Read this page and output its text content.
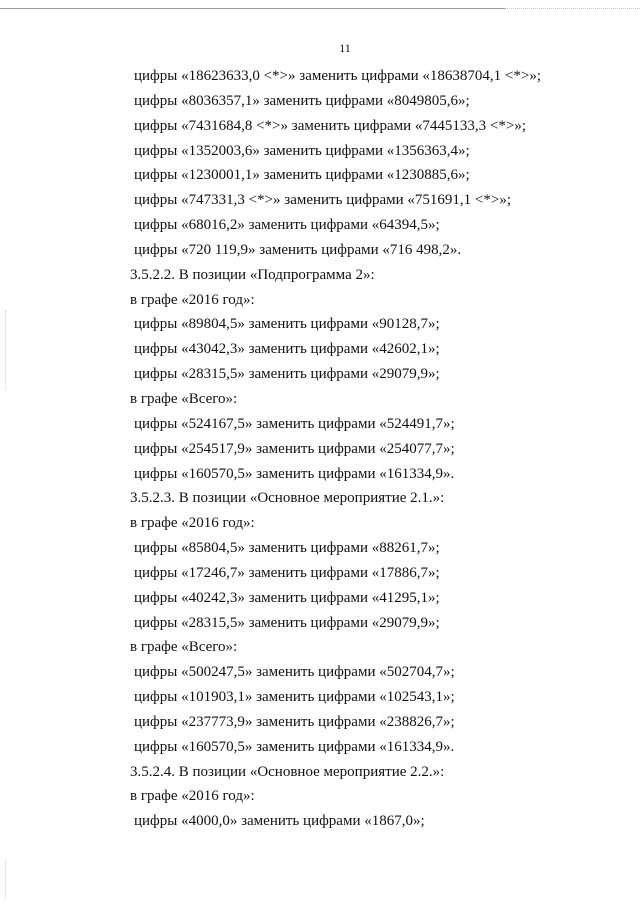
11
цифры «18623633,0 <*>» заменить цифрами «18638704,1 <*>»;
цифры «8036357,1» заменить цифрами «8049805,6»;
цифры «7431684,8 <*>» заменить цифрами «7445133,3 <*>»;
цифры «1352003,6» заменить цифрами «1356363,4»;
цифры «1230001,1» заменить цифрами «1230885,6»;
цифры «747331,3 <*>» заменить цифрами «751691,1 <*>»;
цифры «68016,2» заменить цифрами «64394,5»;
цифры «720 119,9» заменить цифрами «716 498,2».
3.5.2.2. В позиции «Подпрограмма 2»:
в графе «2016 год»:
цифры «89804,5» заменить цифрами «90128,7»;
цифры «43042,3» заменить цифрами «42602,1»;
цифры «28315,5» заменить цифрами «29079,9»;
в графе «Всего»:
цифры «524167,5» заменить цифрами «524491,7»;
цифры «254517,9» заменить цифрами «254077,7»;
цифры «160570,5» заменить цифрами «161334,9».
3.5.2.3. В позиции «Основное мероприятие 2.1.»:
в графе «2016 год»:
цифры «85804,5» заменить цифрами «88261,7»;
цифры «17246,7» заменить цифрами «17886,7»;
цифры «40242,3» заменить цифрами «41295,1»;
цифры «28315,5» заменить цифрами «29079,9»;
в графе «Всего»:
цифры «500247,5» заменить цифрами «502704,7»;
цифры «101903,1» заменить цифрами «102543,1»;
цифры «237773,9» заменить цифрами «238826,7»;
цифры «160570,5» заменить цифрами «161334,9».
3.5.2.4. В позиции «Основное мероприятие 2.2.»:
в графе «2016 год»:
цифры «4000,0» заменить цифрами «1867,0»;
